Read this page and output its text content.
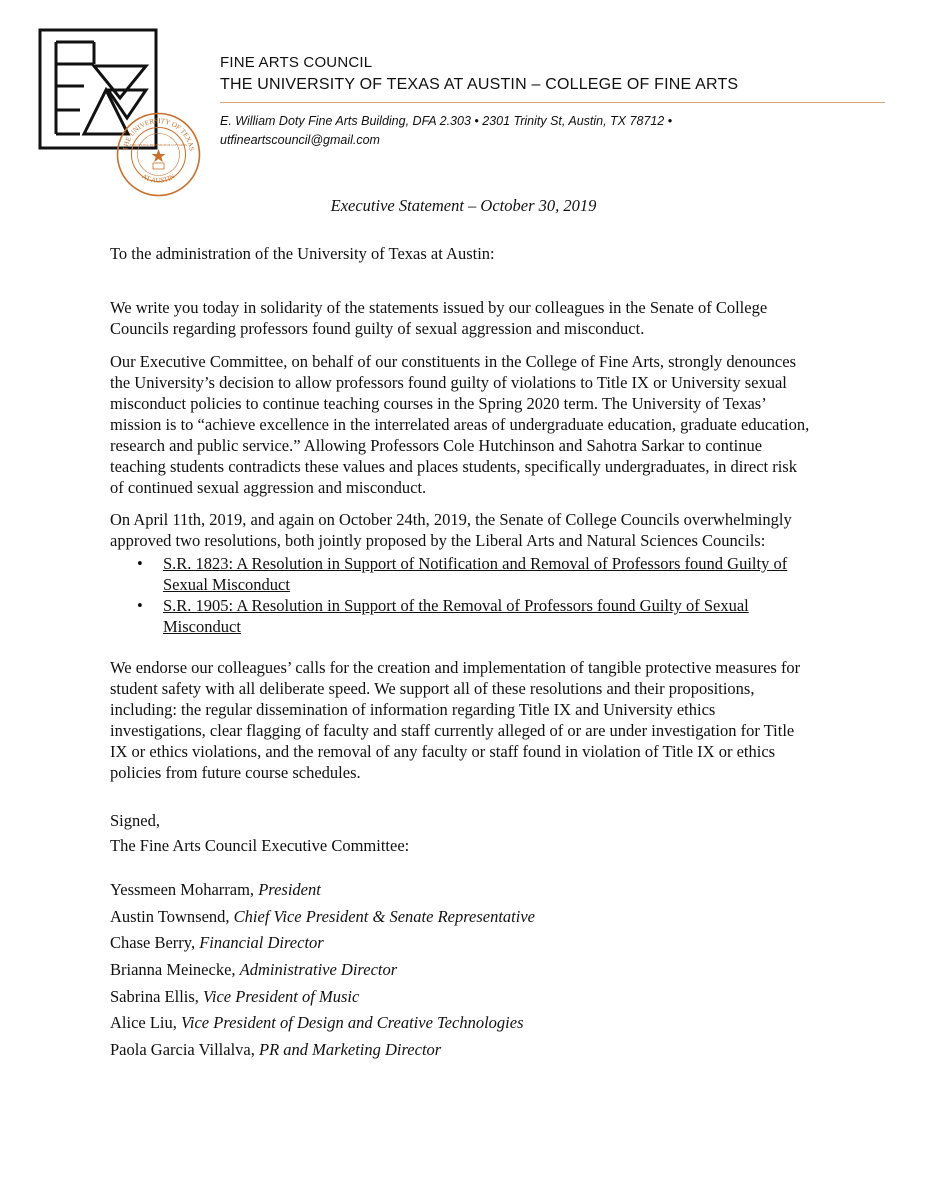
THE UNIVERSITY OF TEXAS
AT AUSTIN
DISCIPLINA PRAESIDIUM CIVITATIS
FINE ARTS COUNCIL
THE UNIVERSITY OF TEXAS AT AUSTIN – COLLEGE OF FINE ARTS
E. William Doty Fine Arts Building, DFA 2.303 • 2301 Trinity St, Austin, TX 78712 •
utfineartscouncil@gmail.com
Executive Statement – October 30, 2019
To the administration of the University of Texas at Austin:
We write you today in solidarity of the statements issued by our colleagues in the Senate of College Councils regarding professors found guilty of sexual aggression and misconduct.
Our Executive Committee, on behalf of our constituents in the College of Fine Arts, strongly denounces the University’s decision to allow professors found guilty of violations to Title IX or University sexual misconduct policies to continue teaching courses in the Spring 2020 term. The University of Texas’ mission is to “achieve excellence in the interrelated areas of undergraduate education, graduate education, research and public service.” Allowing Professors Cole Hutchinson and Sahotra Sarkar to continue teaching students contradicts these values and places students, specifically undergraduates, in direct risk of continued sexual aggression and misconduct.
On April 11th, 2019, and again on October 24th, 2019, the Senate of College Councils overwhelmingly approved two resolutions, both jointly proposed by the Liberal Arts and Natural Sciences Councils:
• S.R. 1823: A Resolution in Support of Notification and Removal of Professors found Guilty of Sexual Misconduct
• S.R. 1905: A Resolution in Support of the Removal of Professors found Guilty of Sexual Misconduct
We endorse our colleagues’ calls for the creation and implementation of tangible protective measures for student safety with all deliberate speed. We support all of these resolutions and their propositions, including: the regular dissemination of information regarding Title IX and University ethics investigations, clear flagging of faculty and staff currently alleged of or are under investigation for Title IX or ethics violations, and the removal of any faculty or staff found in violation of Title IX or ethics policies from future course schedules.
Signed,
The Fine Arts Council Executive Committee:
Yessmeen Moharram, President
Austin Townsend, Chief Vice President & Senate Representative
Chase Berry, Financial Director
Brianna Meinecke, Administrative Director
Sabrina Ellis, Vice President of Music
Alice Liu, Vice President of Design and Creative Technologies
Paola Garcia Villalva, PR and Marketing Director
